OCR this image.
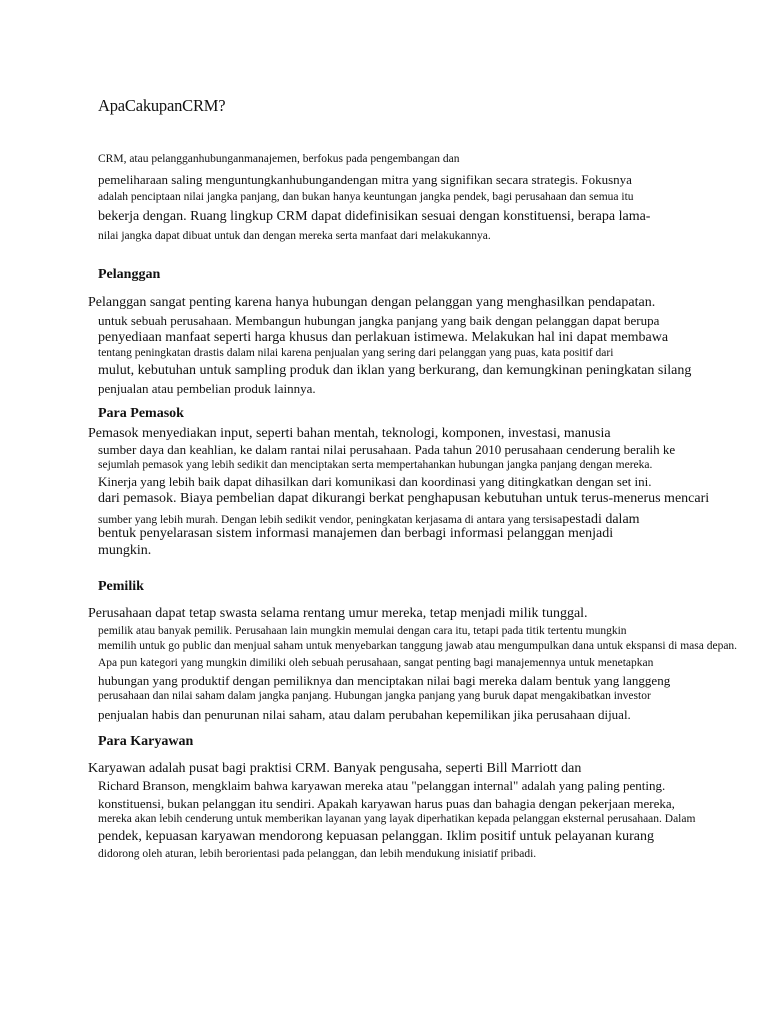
ApaCakupanCRM?
CRM, atau pelangganhubunganmanajemen, berfokus pada pengembangan dan
pemeliharaan saling menguntungkanhubungandengan mitra yang signifikan secara strategis. Fokusnya
adalah penciptaan nilai jangka panjang, dan bukan hanya keuntungan jangka pendek, bagi perusahaan dan semua itu
bekerja dengan. Ruang lingkup CRM dapat didefinisikan sesuai dengan konstituensi, berapa lama-
nilai jangka dapat dibuat untuk dan dengan mereka serta manfaat dari melakukannya.
Pelanggan
Pelanggan sangat penting karena hanya hubungan dengan pelanggan yang menghasilkan pendapatan.
untuk sebuah perusahaan. Membangun hubungan jangka panjang yang baik dengan pelanggan dapat berupa
penyediaan manfaat seperti harga khusus dan perlakuan istimewa. Melakukan hal ini dapat membawa
tentang peningkatan drastis dalam nilai karena penjualan yang sering dari pelanggan yang puas, kata positif dari
mulut, kebutuhan untuk sampling produk dan iklan yang berkurang, dan kemungkinan peningkatan silang
penjualan atau pembelian produk lainnya.
Para Pemasok
Pemasok menyediakan input, seperti bahan mentah, teknologi, komponen, investasi, manusia
sumber daya dan keahlian, ke dalam rantai nilai perusahaan. Pada tahun 2010 perusahaan cenderung beralih ke
sejumlah pemasok yang lebih sedikit dan menciptakan serta mempertahankan hubungan jangka panjang dengan mereka.
Kinerja yang lebih baik dapat dihasilkan dari komunikasi dan koordinasi yang ditingkatkan dengan set ini.
dari pemasok. Biaya pembelian dapat dikurangi berkat penghapusan kebutuhan untuk terus-menerus mencari
sumber yang lebih murah. Dengan lebih sedikit vendor, peningkatan kerjasama di antara yang tersisapestadi dalam
bentuk penyelarasan sistem informasi manajemen dan berbagi informasi pelanggan menjadi
mungkin.
Pemilik
Perusahaan dapat tetap swasta selama rentang umur mereka, tetap menjadi milik tunggal.
pemilik atau banyak pemilik. Perusahaan lain mungkin memulai dengan cara itu, tetapi pada titik tertentu mungkin
memilih untuk go public dan menjual saham untuk menyebarkan tanggung jawab atau mengumpulkan dana untuk ekspansi di masa depan.
Apa pun kategori yang mungkin dimiliki oleh sebuah perusahaan, sangat penting bagi manajemennya untuk menetapkan
hubungan yang produktif dengan pemiliknya dan menciptakan nilai bagi mereka dalam bentuk yang langgeng
perusahaan dan nilai saham dalam jangka panjang. Hubungan jangka panjang yang buruk dapat mengakibatkan investor
penjualan habis dan penurunan nilai saham, atau dalam perubahan kepemilikan jika perusahaan dijual.
Para Karyawan
Karyawan adalah pusat bagi praktisi CRM. Banyak pengusaha, seperti Bill Marriott dan
Richard Branson, mengklaim bahwa karyawan mereka atau "pelanggan internal" adalah yang paling penting.
konstituensi, bukan pelanggan itu sendiri. Apakah karyawan harus puas dan bahagia dengan pekerjaan mereka,
mereka akan lebih cenderung untuk memberikan layanan yang layak diperhatikan kepada pelanggan eksternal perusahaan. Dalam
pendek, kepuasan karyawan mendorong kepuasan pelanggan. Iklim positif untuk pelayanan kurang
didorong oleh aturan, lebih berorientasi pada pelanggan, dan lebih mendukung inisiatif pribadi.
